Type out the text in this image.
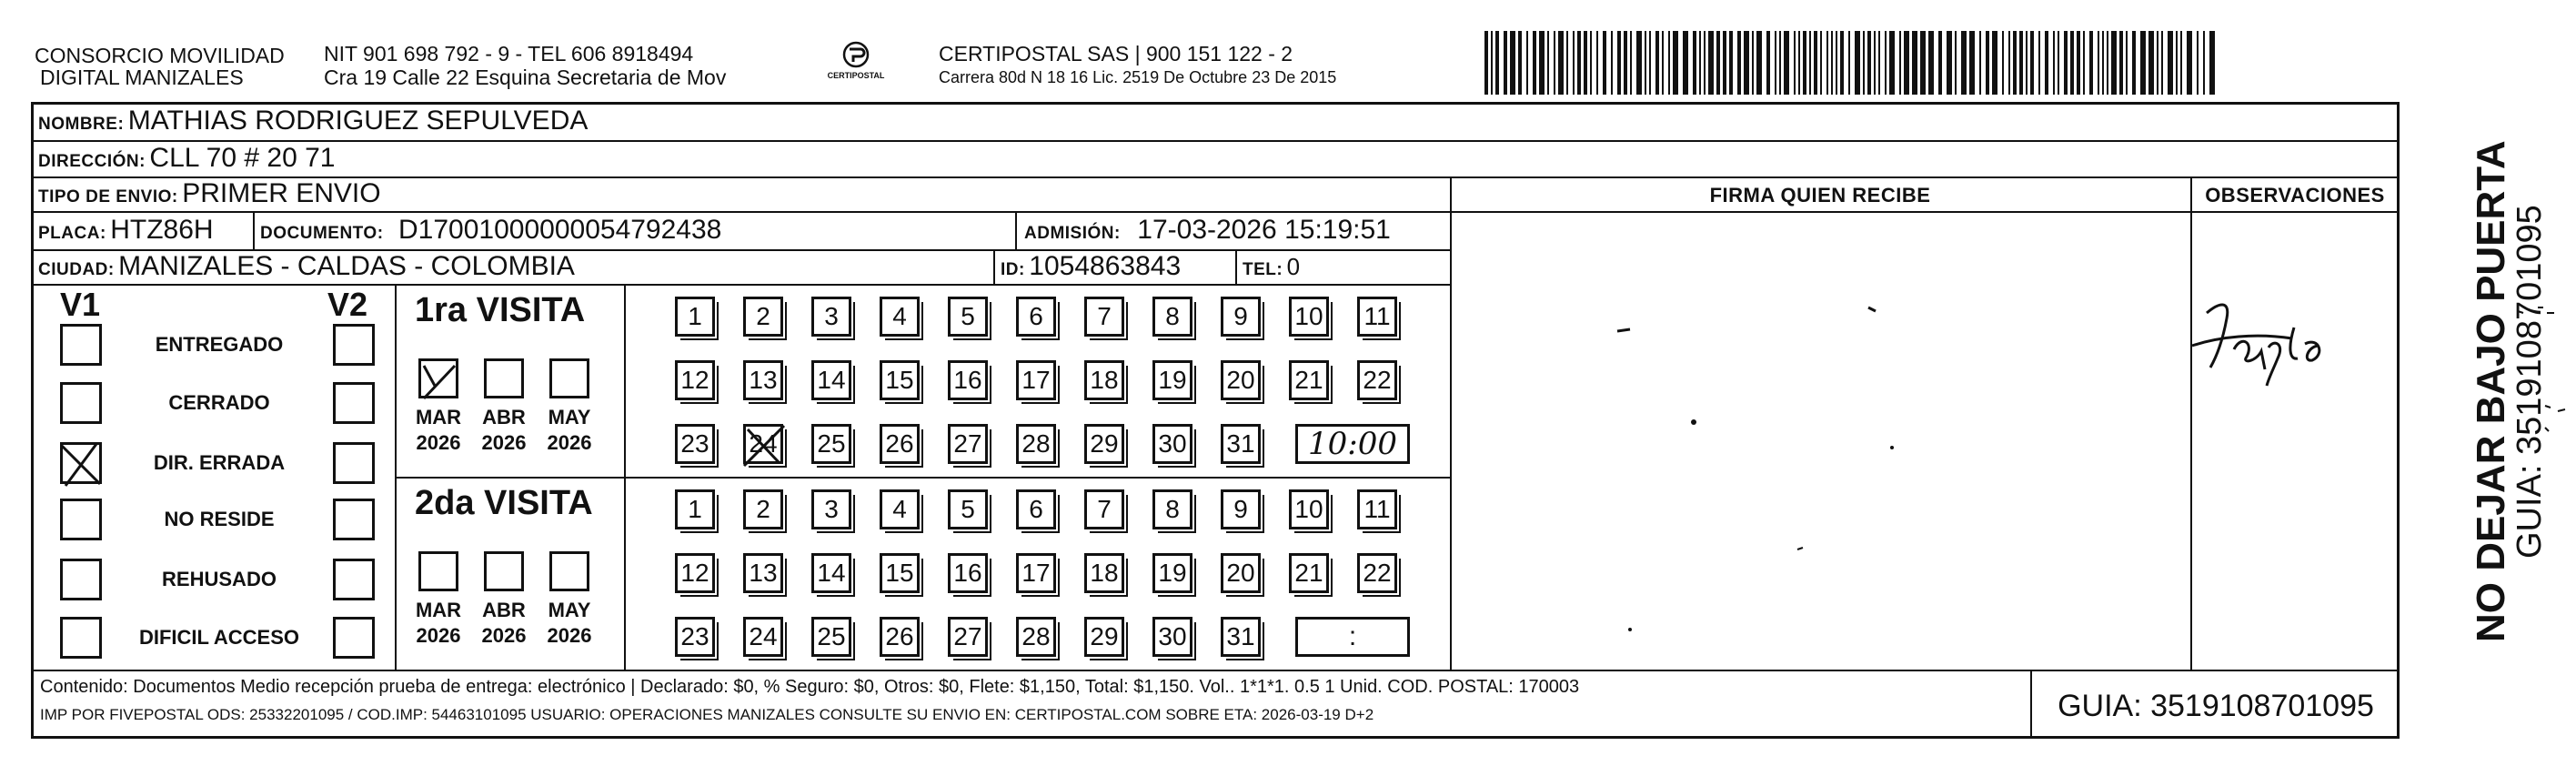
CONSORCIO MOVILIDAD
DIGITAL MANIZALES
NIT 901 698 792 - 9 - TEL 606 8918494
Cra 19 Calle 22 Esquina Secretaria de Mov	CERTIPOSTAL
CERTIPOSTAL SAS | 900 151 122 - 2
Carrera 80d N 18 16 Lic. 2519 De Octubre 23 De 2015
NOMBRE: MATHIAS RODRIGUEZ SEPULVEDA
DIRECCIÓN: CLL 70 # 20 71
TIPO DE ENVIO: PRIMER ENVIO
PLACA: HTZ86H	DOCUMENTO: D17001000000054792438	ADMISIÓN: 17-03-2026 15:19:51
CIUDAD: MANIZALES - CALDAS - COLOMBIA	ID: 1054863843	TEL: 0
FIRMA QUIEN RECIBE	OBSERVACIONES
V1	V2
ENTREGADO
CERRADO
DIR. ERRADA
NO RESIDE
REHUSADO
DIFICIL ACCESO
1ra VISITA
2da VISITA
MAR
2026
ABR
2026
MAY
2026
MAR
2026
ABR
2026
MAY
2026
1 2 3 4 5 6 7 8 9 10 11
12 13 14 15 16 17 18 19 20 21 22
23 24 25 26 27 28 29 30 31
1 2 3 4 5 6 7 8 9 10 11
12 13 14 15 16 17 18 19 20 21 22
23 24 25 26 27 28 29 30 31
10:00
:	NO DEJAR BAJO PUERTA
GUIA: 3519108701095
Contenido: Documentos Medio recepción prueba de entrega: electrónico | Declarado: $0, % Seguro: $0, Otros: $0, Flete: $1,150, Total: $1,150. Vol.. 1*1*1. 0.5 1 Unid. COD. POSTAL: 170003
IMP POR FIVEPOSTAL ODS: 25332201095 / COD.IMP: 54463101095 USUARIO: OPERACIONES MANIZALES CONSULTE SU ENVIO EN: CERTIPOSTAL.COM SOBRE ETA: 2026-03-19 D+2	GUIA: 3519108701095
